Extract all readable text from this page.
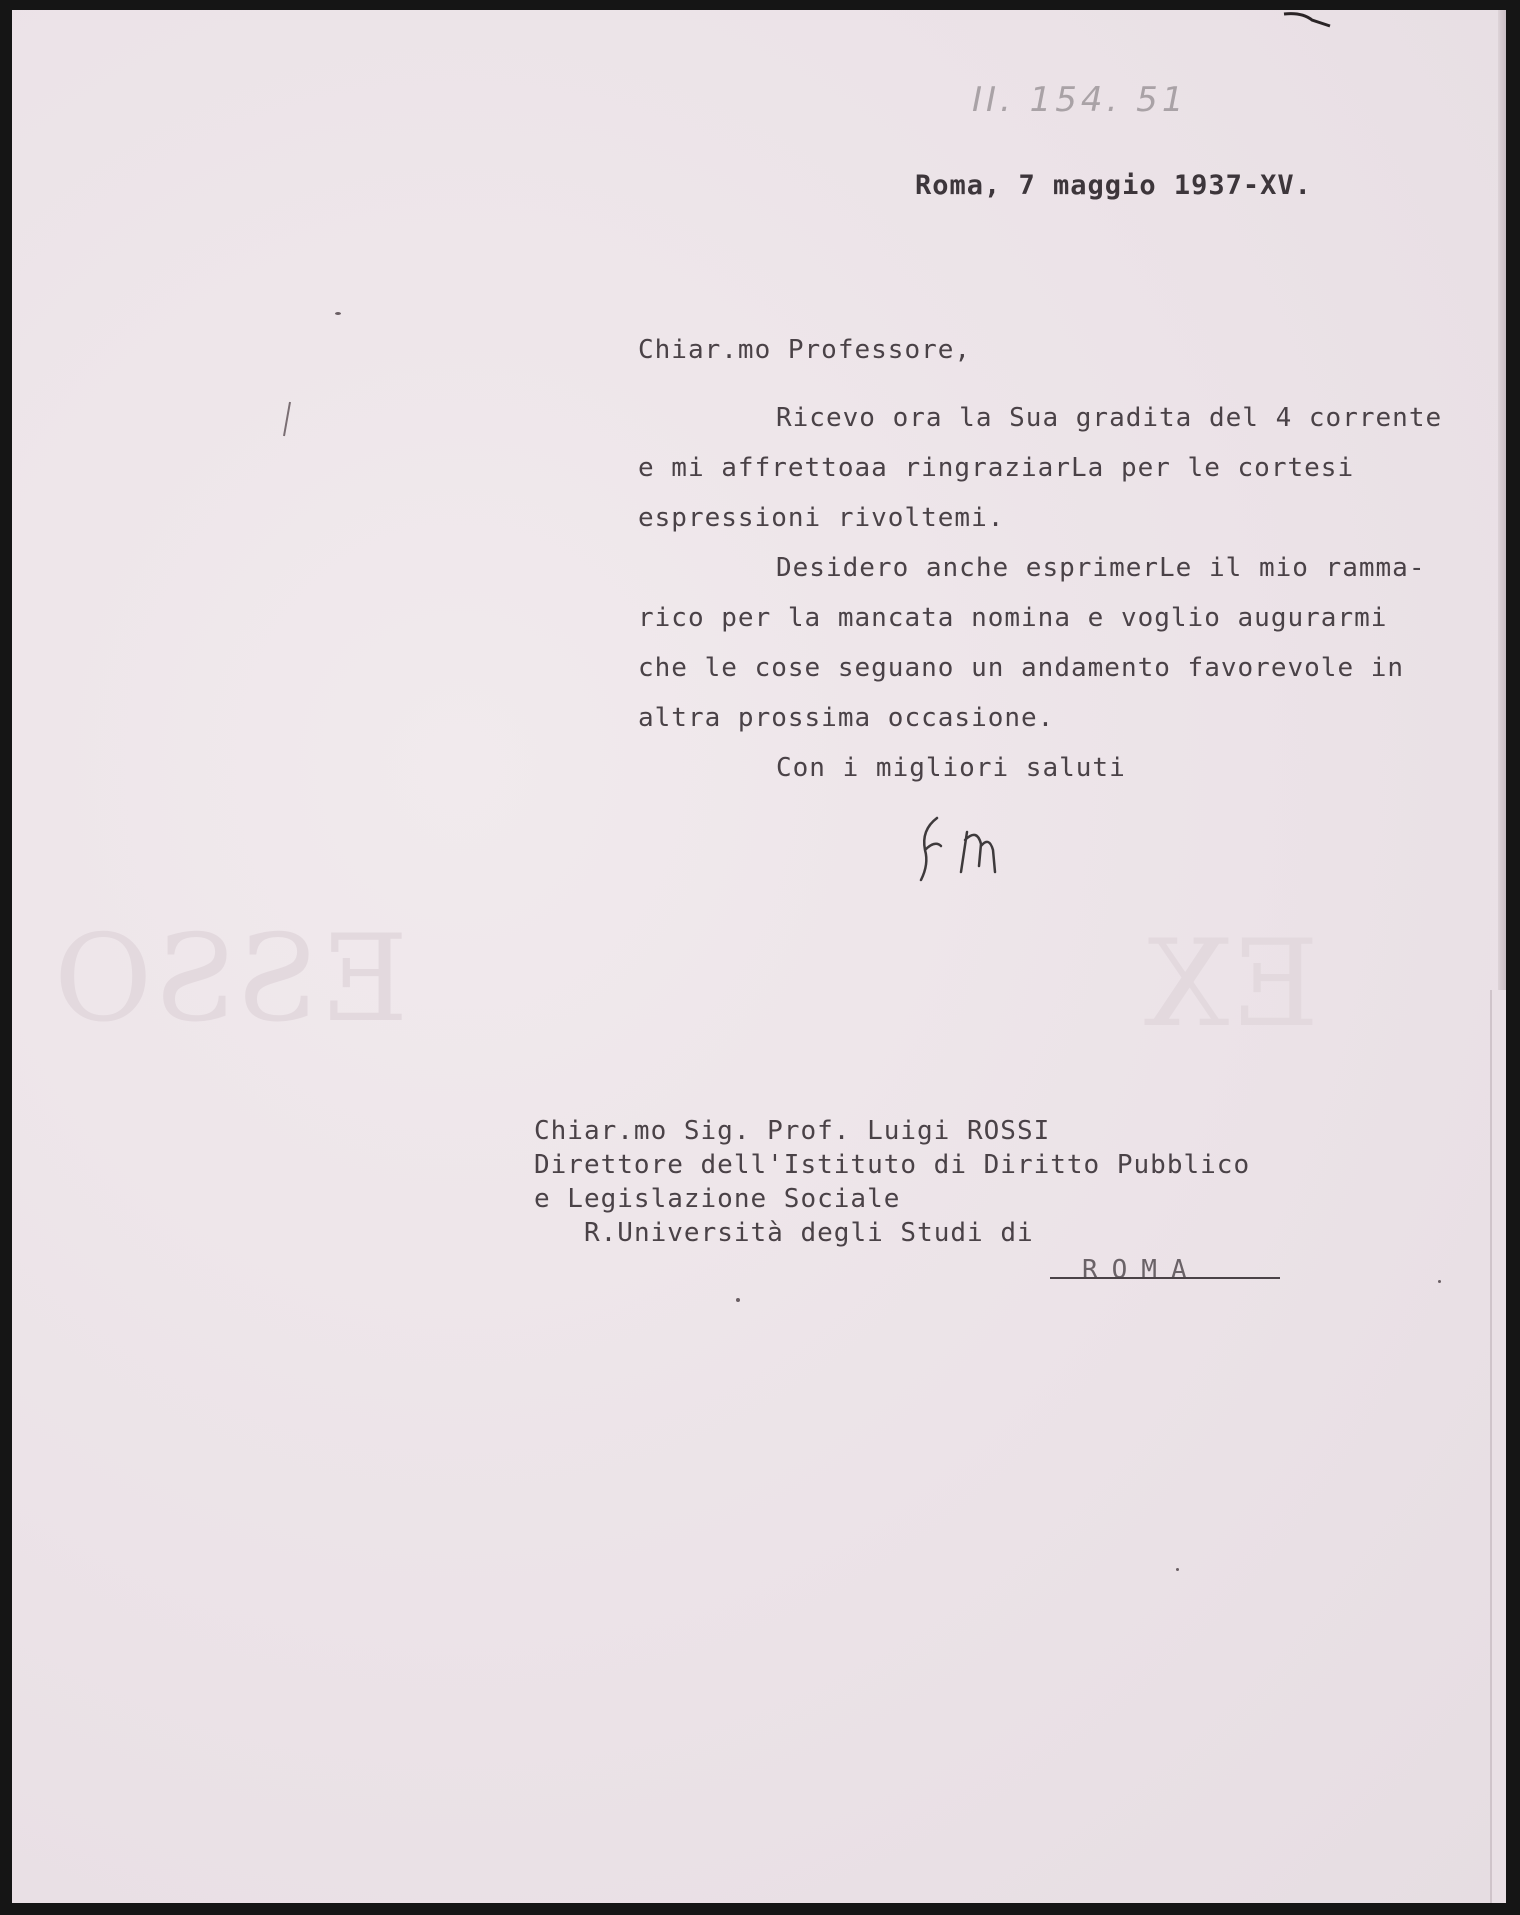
ESSO	EX
II. 154. 51
Roma, 7 maggio 1937-XV.
Chiar.mo Professore,
Ricevo ora la Sua gradita del 4 corrente
e mi affrettoaa ringraziarLa per le cortesi
espressioni rivoltemi.
Desidero anche esprimerLe il mio ramma-
rico per la mancata nomina e voglio augurarmi
che le cose seguano un andamento favorevole in
altra prossima occasione.
Con i migliori saluti
Chiar.mo Sig. Prof. Luigi ROSSI
Direttore dell'Istituto di Diritto Pubblico
e Legislazione Sociale
R.Università degli Studi di
ROMA
